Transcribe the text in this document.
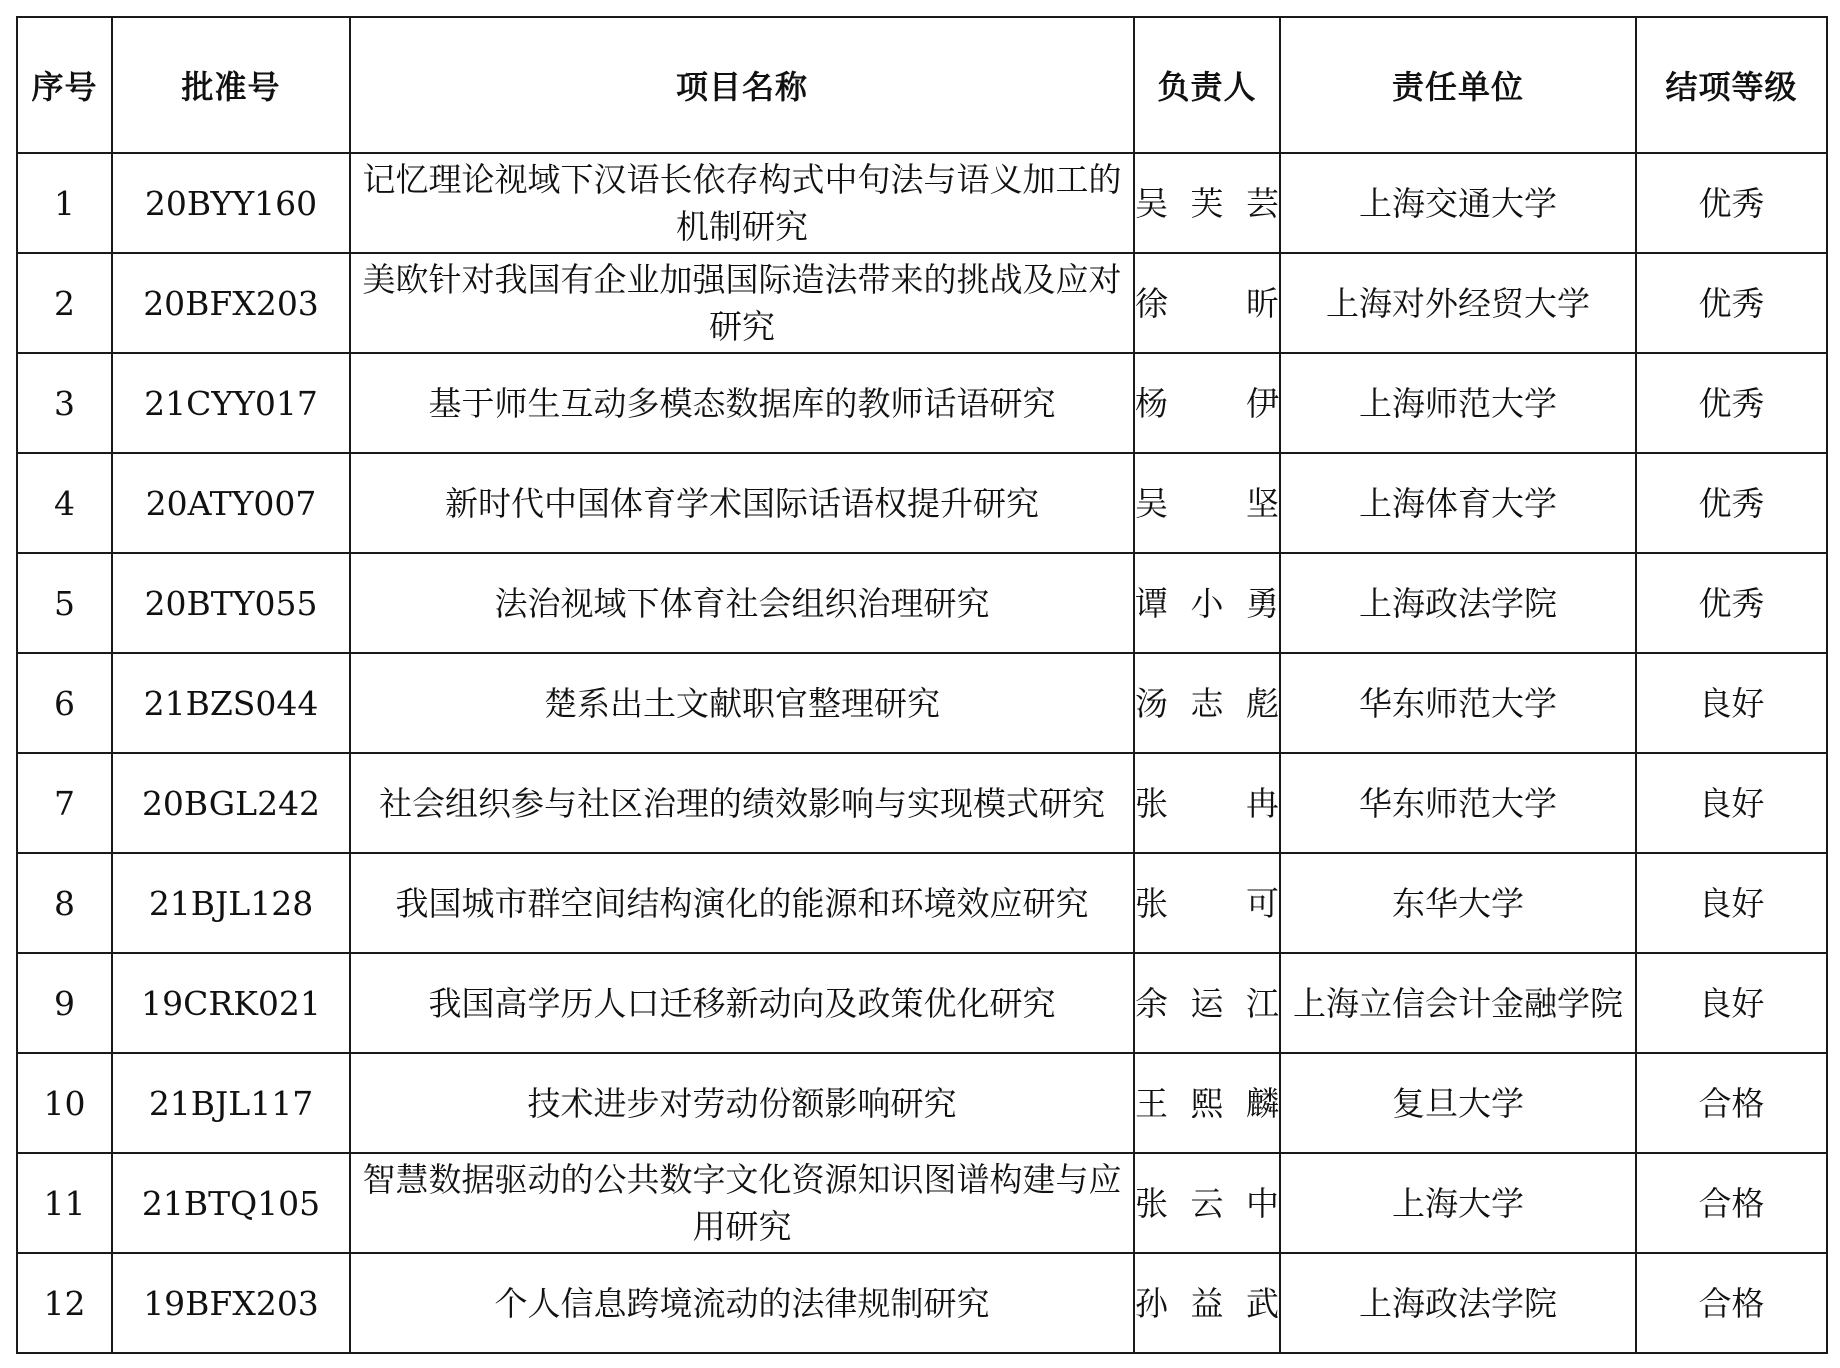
序号	批准号	项目名称	负责人	责任单位	结项等级
1	20BYY160	记忆理论视域下汉语长依存构式中句法与语义加工的机制研究	吴芙芸	上海交通大学	优秀
2	20BFX203	美欧针对我国有企业加强国际造法带来的挑战及应对研究	徐昕	上海对外经贸大学	优秀
3	21CYY017	基于师生互动多模态数据库的教师话语研究	杨伊	上海师范大学	优秀
4	20ATY007	新时代中国体育学术国际话语权提升研究	吴坚	上海体育大学	优秀
5	20BTY055	法治视域下体育社会组织治理研究	谭小勇	上海政法学院	优秀
6	21BZS044	楚系出土文献职官整理研究	汤志彪	华东师范大学	良好
7	20BGL242	社会组织参与社区治理的绩效影响与实现模式研究	张冉	华东师范大学	良好
8	21BJL128	我国城市群空间结构演化的能源和环境效应研究	张可	东华大学	良好
9	19CRK021	我国高学历人口迁移新动向及政策优化研究	余运江	上海立信会计金融学院	良好
10	21BJL117	技术进步对劳动份额影响研究	王熙麟	复旦大学	合格
11	21BTQ105	智慧数据驱动的公共数字文化资源知识图谱构建与应用研究	张云中	上海大学	合格
12	19BFX203	个人信息跨境流动的法律规制研究	孙益武	上海政法学院	合格
